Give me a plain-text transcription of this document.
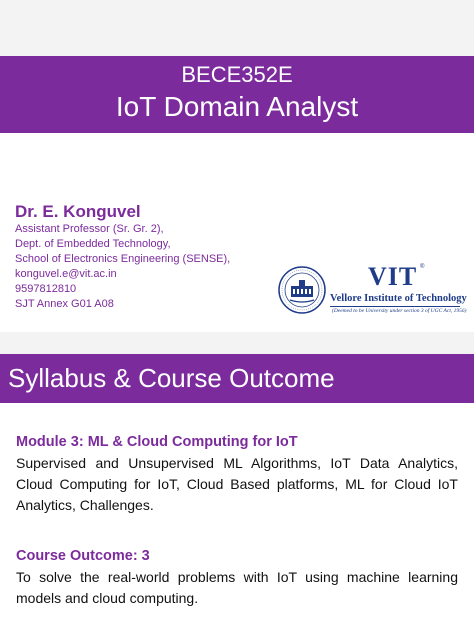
BECE352E
IoT Domain Analyst

Dr. E. Konguvel

Assistant Professor (Sr. Gr. 2),
Dept. of Embedded Technology,
School of Electronics Engineering (SENSE),
konguvel.e@vit.ac.in
9597812810
SJT Annex G01 A08
VIT ®
Vellore Institute of Technology
(Deemed to be University under section 3 of UGC Act, 1956)
Syllabus & Course Outcome

Module 3: ML & Cloud Computing for IoT

Supervised and Unsupervised ML Algorithms, IoT Data Analytics, Cloud Computing for IoT, Cloud Based platforms, ML for Cloud IoT Analytics, Challenges.

Course Outcome: 3

To solve the real-world problems with IoT using machine learning models and cloud computing.
